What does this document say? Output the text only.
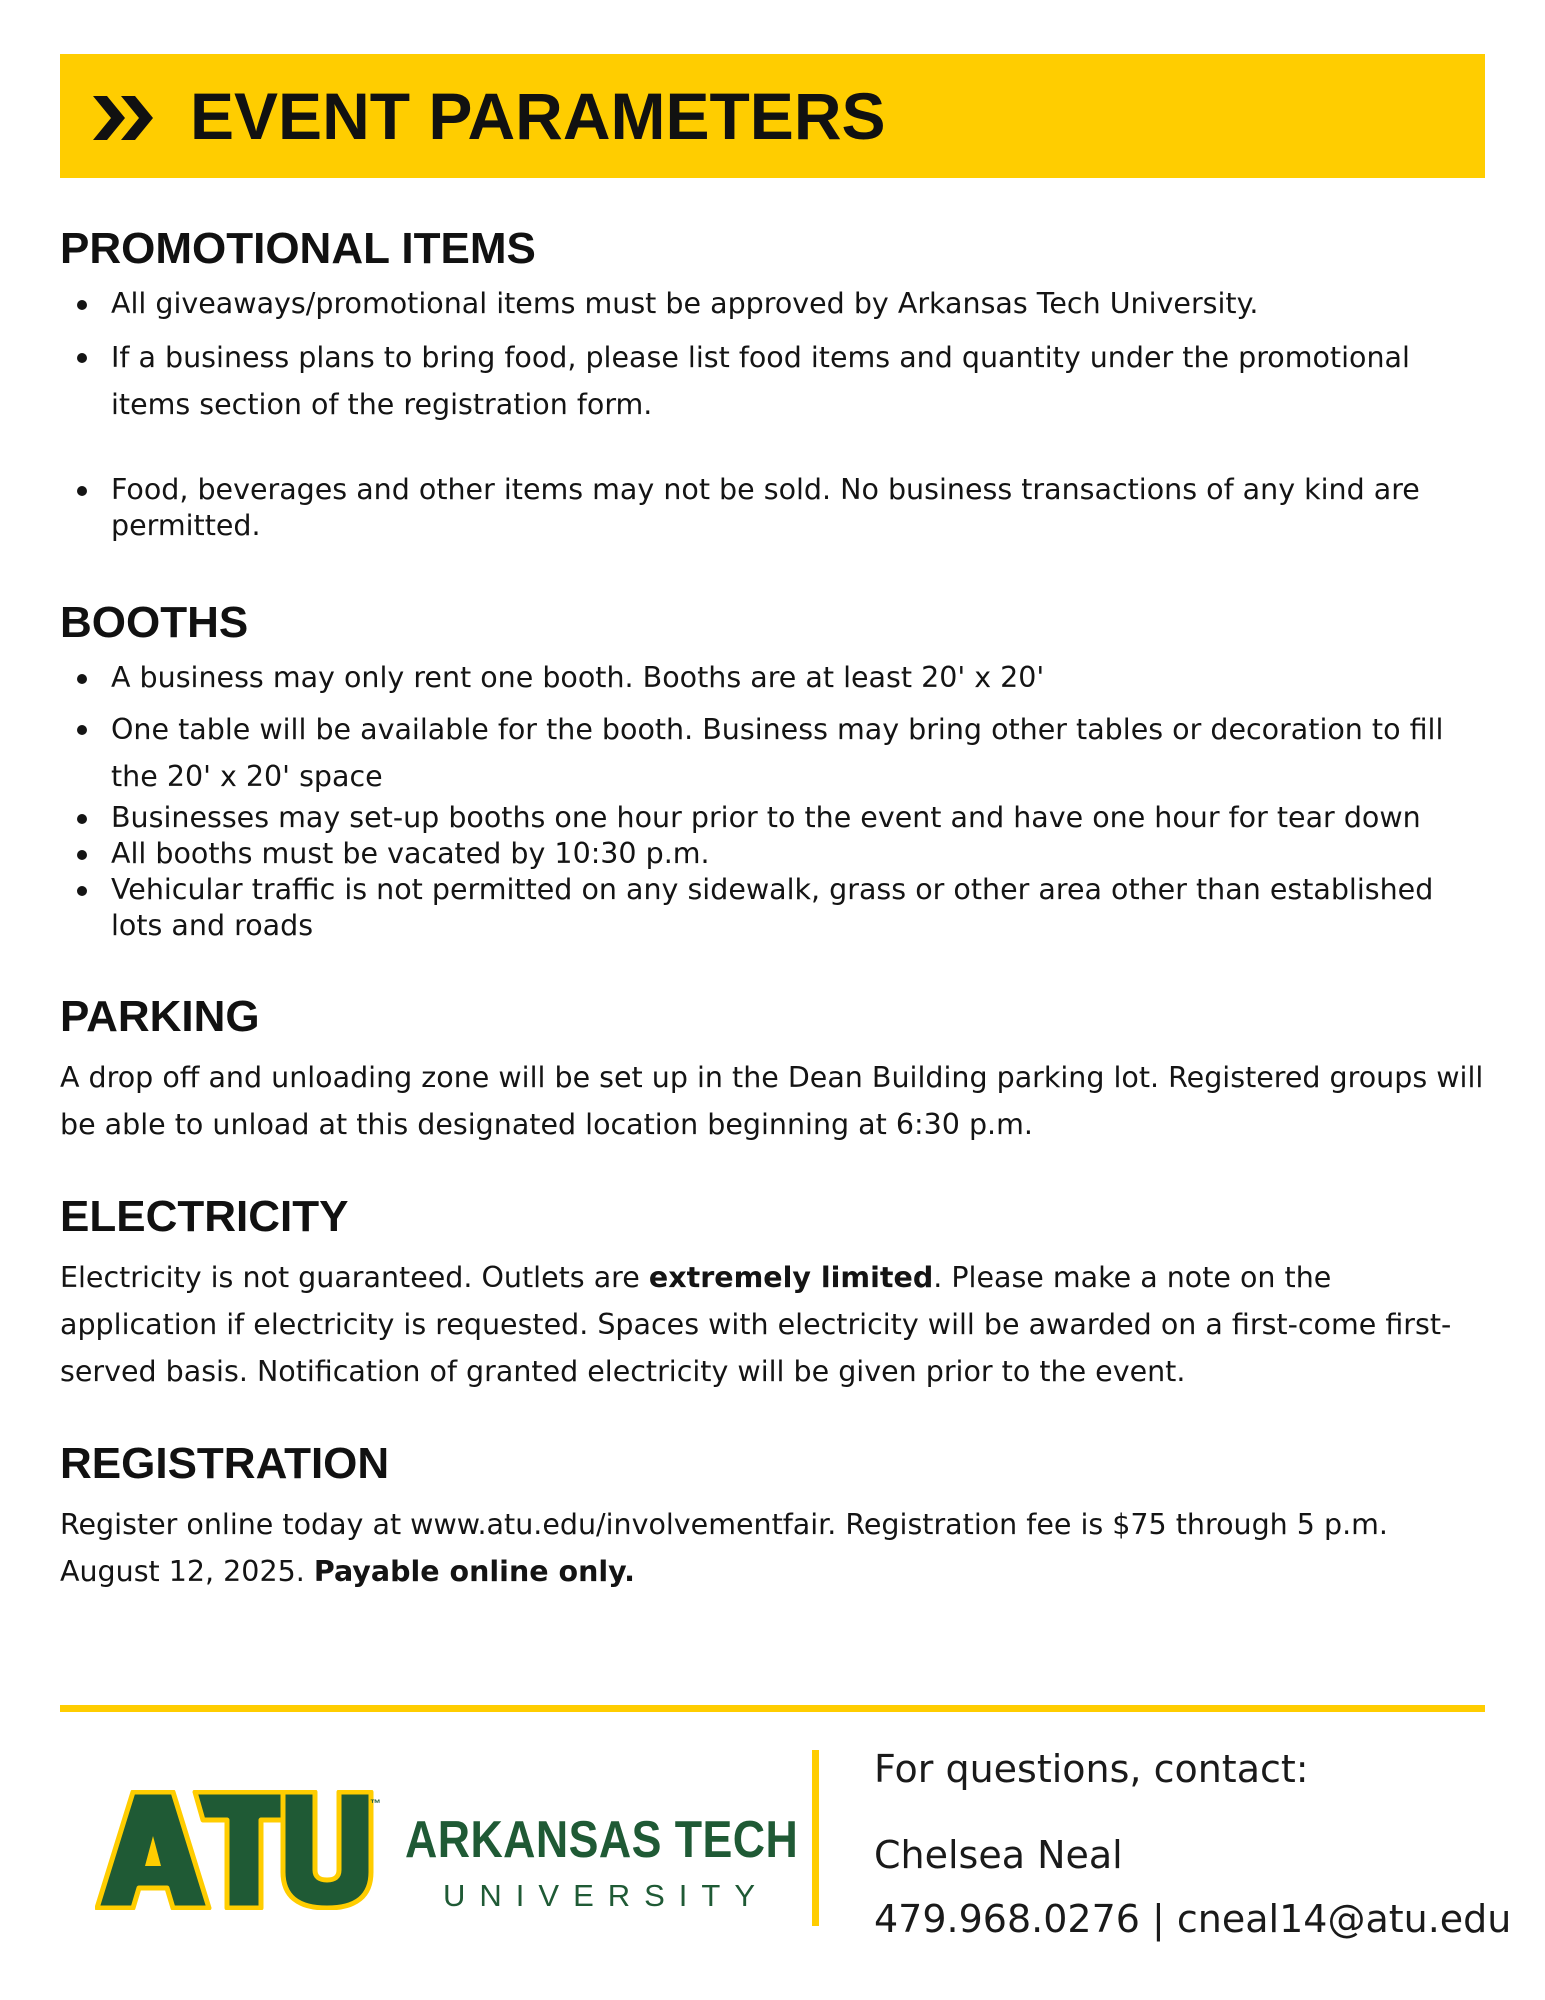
EVENT PARAMETERS
PROMOTIONAL ITEMS
All giveaways/promotional items must be approved by Arkansas Tech University.
If a business plans to bring food, please list food items and quantity under the promotional items section of the registration form.
Food, beverages and other items may not be sold. No business transactions of any kind are permitted.
BOOTHS
A business may only rent one booth. Booths are at least 20' x 20'
One table will be available for the booth. Business may bring other tables or decoration to fill the 20' x 20' space
Businesses may set-up booths one hour prior to the event and have one hour for tear down
All booths must be vacated by 10:30 p.m.
Vehicular traffic is not permitted on any sidewalk, grass or other area other than established lots and roads
PARKING

A drop off and unloading zone will be set up in the Dean Building parking lot. Registered groups will be able to unload at this designated location beginning at 6:30 p.m.

ELECTRICITY

Electricity is not guaranteed. Outlets are extremely limited. Please make a note on the application if electricity is requested. Spaces with electricity will be awarded on a first-come first-served basis. Notification of granted electricity will be given prior to the event.

REGISTRATION

Register online today at www.atu.edu/involvementfair. Registration fee is $75 through 5 p.m. August 12, 2025. Payable online only.

™
ARKANSAS TECH
UNIVERSITY
For questions, contact:
Chelsea Neal
479.968.0276 | cneal14@atu.edu
